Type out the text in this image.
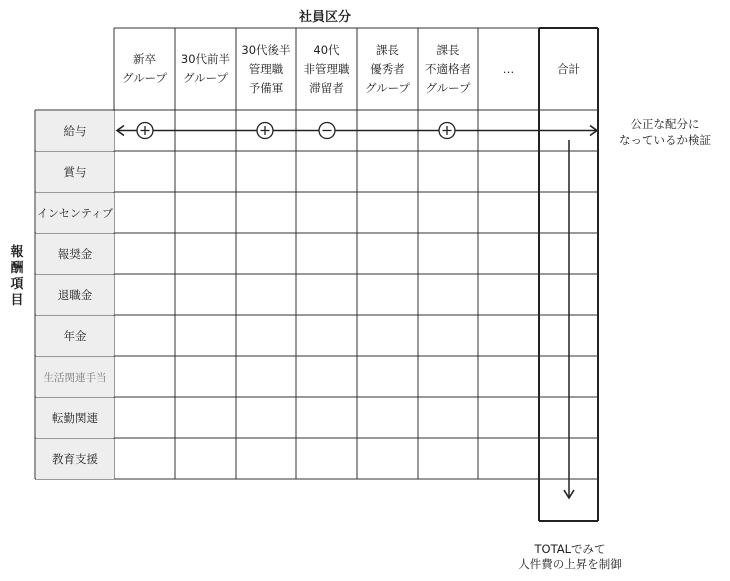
社員区分
報酬項目
新卒
グループ
30代前半
グループ
30代後半
管理職
予備軍
40代
非管理職
滞留者
課長
優秀者
グループ
課長
不適格者
グループ
…	合計
給与
賞与
インセンティブ
報奨金
退職金
年金
生活関連手当
転勤関連
教育支援
公正な配分に
なっているか検証
TOTALでみて
人件費の上昇を制御
